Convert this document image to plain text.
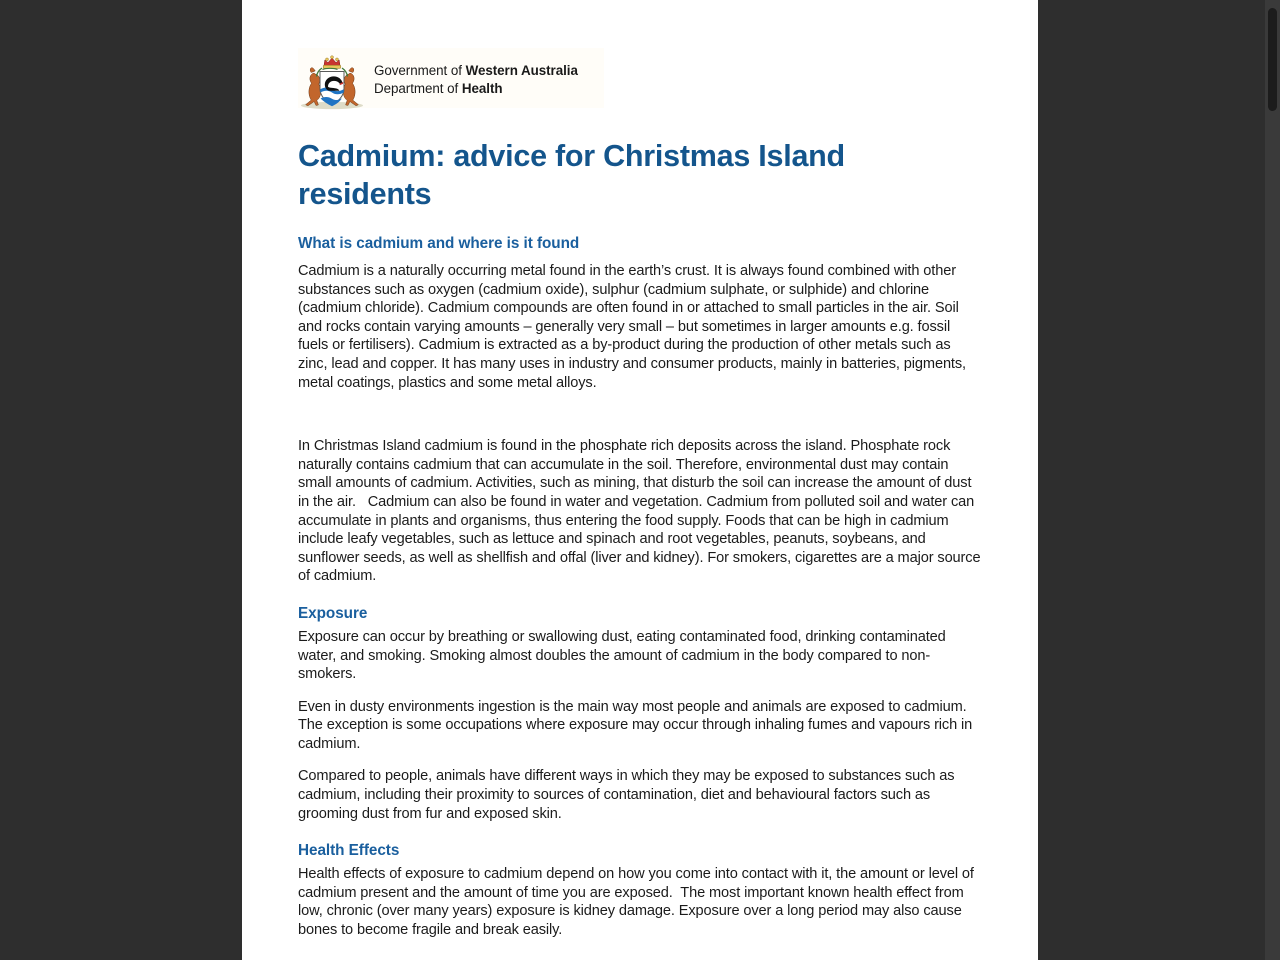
Government of Western Australia
Department of Health
Cadmium: advice for Christmas Island residents
What is cadmium and where is it found

Cadmium is a naturally occurring metal found in the earth’s crust. It is always found combined with other substances such as oxygen (cadmium oxide), sulphur (cadmium sulphate, or sulphide) and chlorine (cadmium chloride). Cadmium compounds are often found in or attached to small particles in the air. Soil and rocks contain varying amounts – generally very small – but sometimes in larger amounts e.g. fossil fuels or fertilisers). Cadmium is extracted as a by-product during the production of other metals such as zinc, lead and copper. It has many uses in industry and consumer products, mainly in batteries, pigments, metal coatings, plastics and some metal alloys.

In Christmas Island cadmium is found in the phosphate rich deposits across the island. Phosphate rock naturally contains cadmium that can accumulate in the soil. Therefore, environmental dust may contain small amounts of cadmium. Activities, such as mining, that disturb the soil can increase the amount of dust in the air.   Cadmium can also be found in water and vegetation. Cadmium from polluted soil and water can accumulate in plants and organisms, thus entering the food supply. Foods that can be high in cadmium include leafy vegetables, such as lettuce and spinach and root vegetables, peanuts, soybeans, and sunflower seeds, as well as shellfish and offal (liver and kidney). For smokers, cigarettes are a major source of cadmium.

Exposure

Exposure can occur by breathing or swallowing dust, eating contaminated food, drinking contaminated water, and smoking. Smoking almost doubles the amount of cadmium in the body compared to non-smokers.

Even in dusty environments ingestion is the main way most people and animals are exposed to cadmium. The exception is some occupations where exposure may occur through inhaling fumes and vapours rich in cadmium.

Compared to people, animals have different ways in which they may be exposed to substances such as cadmium, including their proximity to sources of contamination, diet and behavioural factors such as grooming dust from fur and exposed skin.

Health Effects

Health effects of exposure to cadmium depend on how you come into contact with it, the amount or level of cadmium present and the amount of time you are exposed.  The most important known health effect from low, chronic (over many years) exposure is kidney damage. Exposure over a long period may also cause bones to become fragile and break easily.
